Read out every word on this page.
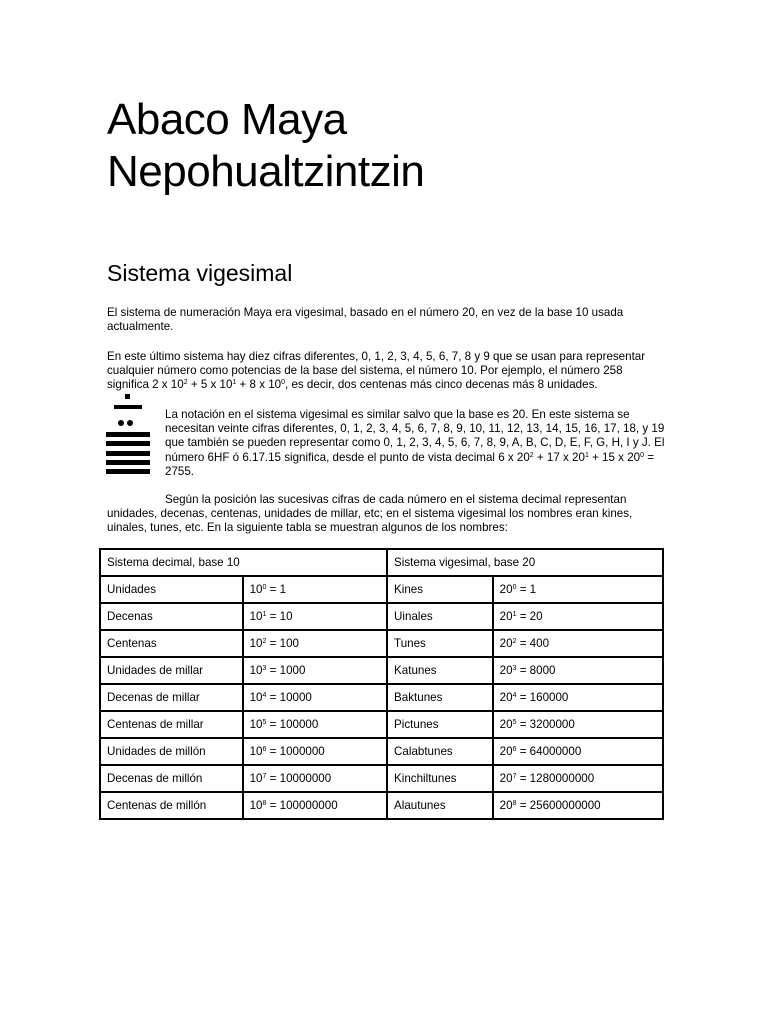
Abaco Maya
Nepohualtzintzin
Sistema vigesimal

El sistema de numeración Maya era vigesimal, basado en el número 20, en vez de la base 10 usada actualmente.

En este último sistema hay diez cifras diferentes, 0, 1, 2, 3, 4, 5, 6, 7, 8 y 9 que se usan para representar cualquier número como potencias de la base del sistema, el número 10. Por ejemplo, el número 258 significa 2 x $10^2 + 5$ x $10^1 + 8$ x $10^0$, es decir, dos centenas más cinco decenas más 8 unidades.

La notación en el sistema vigesimal es similar salvo que la base es 20. En este sistema se necesitan veinte cifras diferentes, 0, 1, 2, 3, 4, 5, 6, 7, 8, 9, 10, 11, 12, 13, 14, 15, 16, 17, 18, y 19 que también se pueden representar como 0, 1, 2, 3, 4, 5, 6, 7, 8, 9, A, B, C, D, E, F, G, H, I y J. El número 6HF ó 6.17.15 significa, desde el punto de vista decimal 6 x $20^2 + 17$ x $20^1 + 15$ x $20^0 = 2755$.

Según la posición las sucesivas cifras de cada número en el sistema decimal representan unidades, decenas, centenas, unidades de millar, etc; en el sistema vigesimal los nombres eran kines, uinales, tunes, etc. En la siguiente tabla se muestran algunos de los nombres:

Sistema decimal, base 10		Sistema vigesimal, base 20	
Unidades	$10^0 = 1$	Kines	$20^0 = 1$
Decenas	$10^1 = 10$	Uinales	$20^1 = 20$
Centenas	$10^2 = 100$	Tunes	$20^2 = 400$
Unidades de millar	$10^3 = 1000$	Katunes	$20^3 = 8000$
Decenas de millar	$10^4 = 10000$	Baktunes	$20^4 = 160000$
Centenas de millar	$10^5 = 100000$	Pictunes	$20^5 = 3200000$
Unidades de millón	$10^6 = 1000000$	Calabtunes	$20^6 = 64000000$
Decenas de millón	$10^7 = 10000000$	Kinchiltunes	$20^7 = 1280000000$
Centenas de millón	$10^8 = 100000000$	Alautunes	$20^8 = 25600000000$
